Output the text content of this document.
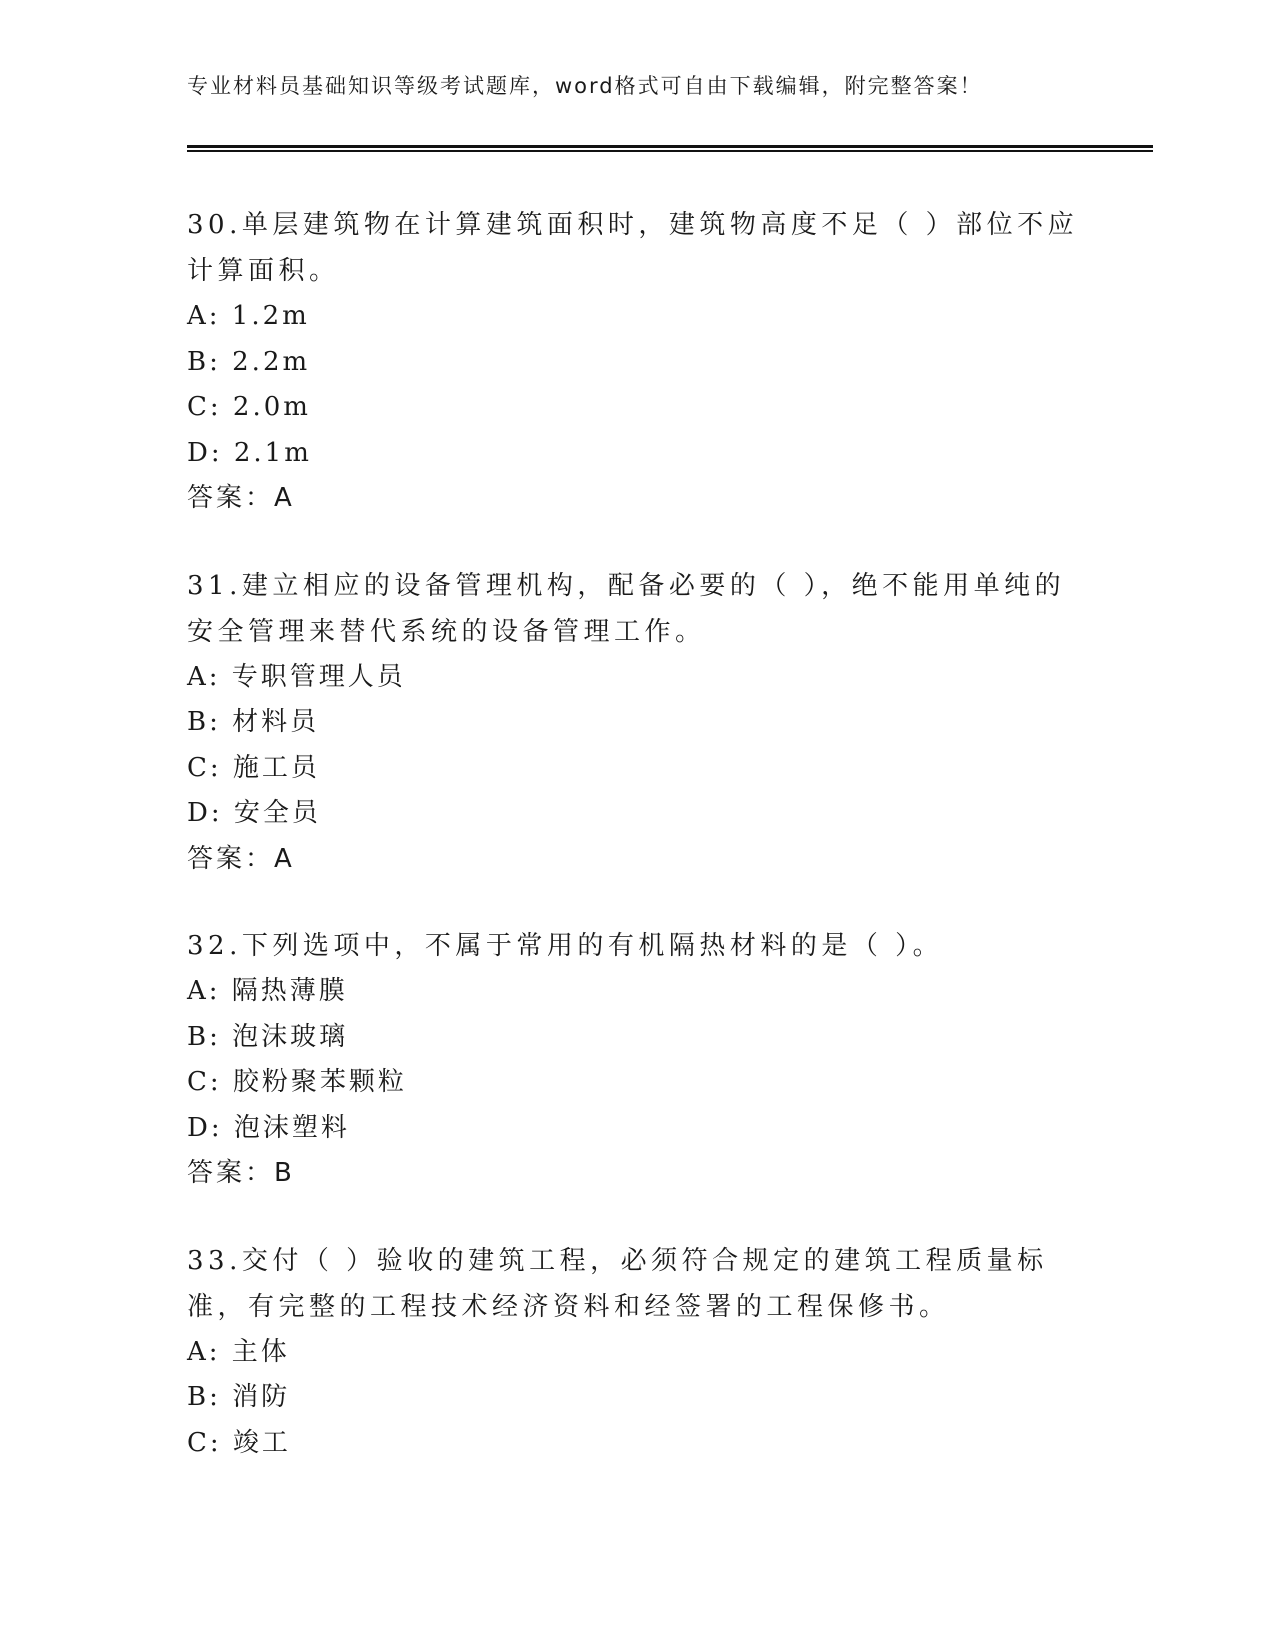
专业材料员基础知识等级考试题库，word格式可自由下载编辑，附完整答案！

30.单层建筑物在计算建筑面积时，建筑物高度不足（ ）部位不应计算面积。

A: 1.2m

B: 2.2m

C: 2.0m

D: 2.1m

答案：A

31.建立相应的设备管理机构，配备必要的（ ），绝不能用单纯的安全管理来替代系统的设备管理工作。

A: 专职管理人员

B: 材料员

C: 施工员

D: 安全员

答案：A

32.下列选项中，不属于常用的有机隔热材料的是（ ）。

A: 隔热薄膜

B: 泡沫玻璃

C: 胶粉聚苯颗粒

D: 泡沫塑料

答案：B

33.交付（ ）验收的建筑工程，必须符合规定的建筑工程质量标准，有完整的工程技术经济资料和经签署的工程保修书。

A: 主体

B: 消防

C: 竣工
